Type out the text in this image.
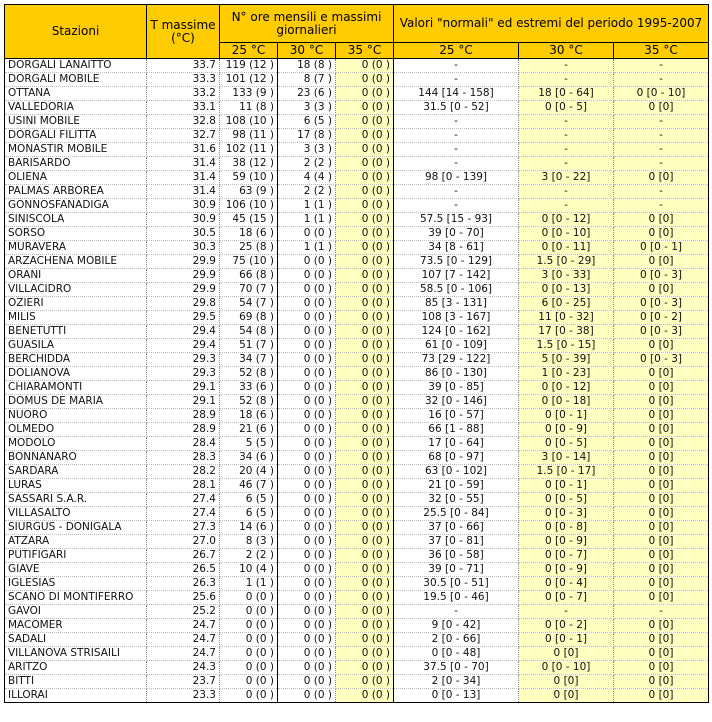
Stazioni	T massime (°C)	N° ore mensili e massimi giornalieri			Valori "normali" ed estremi del periodo 1995-2007		
		25 °C	30 °C	35 °C	25 °C	30 °C	35 °C
DORGALI LANAITTO	33.7	119 (12 )	18 (8 )	0 (0 )	-	-	-
DORGALI MOBILE	33.3	101 (12 )	8 (7 )	0 (0 )	-	-	-
OTTANA	33.2	133 (9 )	23 (6 )	0 (0 )	144 [14 - 158]	18 [0 - 64]	0 [0 - 10]
VALLEDORIA	33.1	11 (8 )	3 (3 )	0 (0 )	31.5 [0 - 52]	0 [0 - 5]	0 [0]
USINI MOBILE	32.8	108 (10 )	6 (5 )	0 (0 )	-	-	-
DORGALI FILITTA	32.7	98 (11 )	17 (8 )	0 (0 )	-	-	-
MONASTIR MOBILE	31.6	102 (11 )	3 (3 )	0 (0 )	-	-	-
BARISARDO	31.4	38 (12 )	2 (2 )	0 (0 )	-	-	-
OLIENA	31.4	59 (10 )	4 (4 )	0 (0 )	98 [0 - 139]	3 [0 - 22]	0 [0]
PALMAS ARBOREA	31.4	63 (9 )	2 (2 )	0 (0 )	-	-	-
GONNOSFANADIGA	30.9	106 (10 )	1 (1 )	0 (0 )	-	-	-
SINISCOLA	30.9	45 (15 )	1 (1 )	0 (0 )	57.5 [15 - 93]	0 [0 - 12]	0 [0]
SORSO	30.5	18 (6 )	0 (0 )	0 (0 )	39 [0 - 70]	0 [0 - 10]	0 [0]
MURAVERA	30.3	25 (8 )	1 (1 )	0 (0 )	34 [8 - 61]	0 [0 - 11]	0 [0 - 1]
ARZACHENA MOBILE	29.9	75 (10 )	0 (0 )	0 (0 )	73.5 [0 - 129]	1.5 [0 - 29]	0 [0]
ORANI	29.9	66 (8 )	0 (0 )	0 (0 )	107 [7 - 142]	3 [0 - 33]	0 [0 - 3]
VILLACIDRO	29.9	70 (7 )	0 (0 )	0 (0 )	58.5 [0 - 106]	0 [0 - 13]	0 [0]
OZIERI	29.8	54 (7 )	0 (0 )	0 (0 )	85 [3 - 131]	6 [0 - 25]	0 [0 - 3]
MILIS	29.5	69 (8 )	0 (0 )	0 (0 )	108 [3 - 167]	11 [0 - 32]	0 [0 - 2]
BENETUTTI	29.4	54 (8 )	0 (0 )	0 (0 )	124 [0 - 162]	17 [0 - 38]	0 [0 - 3]
GUASILA	29.4	51 (7 )	0 (0 )	0 (0 )	61 [0 - 109]	1.5 [0 - 15]	0 [0]
BERCHIDDA	29.3	34 (7 )	0 (0 )	0 (0 )	73 [29 - 122]	5 [0 - 39]	0 [0 - 3]
DOLIANOVA	29.3	52 (8 )	0 (0 )	0 (0 )	86 [0 - 130]	1 [0 - 23]	0 [0]
CHIARAMONTI	29.1	33 (6 )	0 (0 )	0 (0 )	39 [0 - 85]	0 [0 - 12]	0 [0]
DOMUS DE MARIA	29.1	52 (8 )	0 (0 )	0 (0 )	32 [0 - 146]	0 [0 - 18]	0 [0]
NUORO	28.9	18 (6 )	0 (0 )	0 (0 )	16 [0 - 57]	0 [0 - 1]	0 [0]
OLMEDO	28.9	21 (6 )	0 (0 )	0 (0 )	66 [1 - 88]	0 [0 - 9]	0 [0]
MODOLO	28.4	5 (5 )	0 (0 )	0 (0 )	17 [0 - 64]	0 [0 - 5]	0 [0]
BONNANARO	28.3	34 (6 )	0 (0 )	0 (0 )	68 [0 - 97]	3 [0 - 14]	0 [0]
SARDARA	28.2	20 (4 )	0 (0 )	0 (0 )	63 [0 - 102]	1.5 [0 - 17]	0 [0]
LURAS	28.1	46 (7 )	0 (0 )	0 (0 )	21 [0 - 59]	0 [0 - 1]	0 [0]
SASSARI S.A.R.	27.4	6 (5 )	0 (0 )	0 (0 )	32 [0 - 55]	0 [0 - 5]	0 [0]
VILLASALTO	27.4	6 (5 )	0 (0 )	0 (0 )	25.5 [0 - 84]	0 [0 - 3]	0 [0]
SIURGUS - DONIGALA	27.3	14 (6 )	0 (0 )	0 (0 )	37 [0 - 66]	0 [0 - 8]	0 [0]
ATZARA	27.0	8 (3 )	0 (0 )	0 (0 )	37 [0 - 81]	0 [0 - 9]	0 [0]
PUTIFIGARI	26.7	2 (2 )	0 (0 )	0 (0 )	36 [0 - 58]	0 [0 - 7]	0 [0]
GIAVE	26.5	10 (4 )	0 (0 )	0 (0 )	39 [0 - 71]	0 [0 - 9]	0 [0]
IGLESIAS	26.3	1 (1 )	0 (0 )	0 (0 )	30.5 [0 - 51]	0 [0 - 4]	0 [0]
SCANO DI MONTIFERRO	25.6	0 (0 )	0 (0 )	0 (0 )	19.5 [0 - 46]	0 [0 - 7]	0 [0]
GAVOI	25.2	0 (0 )	0 (0 )	0 (0 )	-	-	-
MACOMER	24.7	0 (0 )	0 (0 )	0 (0 )	9 [0 - 42]	0 [0 - 2]	0 [0]
SADALI	24.7	0 (0 )	0 (0 )	0 (0 )	2 [0 - 66]	0 [0 - 1]	0 [0]
VILLANOVA STRISAILI	24.7	0 (0 )	0 (0 )	0 (0 )	0 [0 - 48]	0 [0]	0 [0]
ARITZO	24.3	0 (0 )	0 (0 )	0 (0 )	37.5 [0 - 70]	0 [0 - 10]	0 [0]
BITTI	23.7	0 (0 )	0 (0 )	0 (0 )	2 [0 - 34]	0 [0]	0 [0]
ILLORAI	23.3	0 (0 )	0 (0 )	0 (0 )	0 [0 - 13]	0 [0]	0 [0]
